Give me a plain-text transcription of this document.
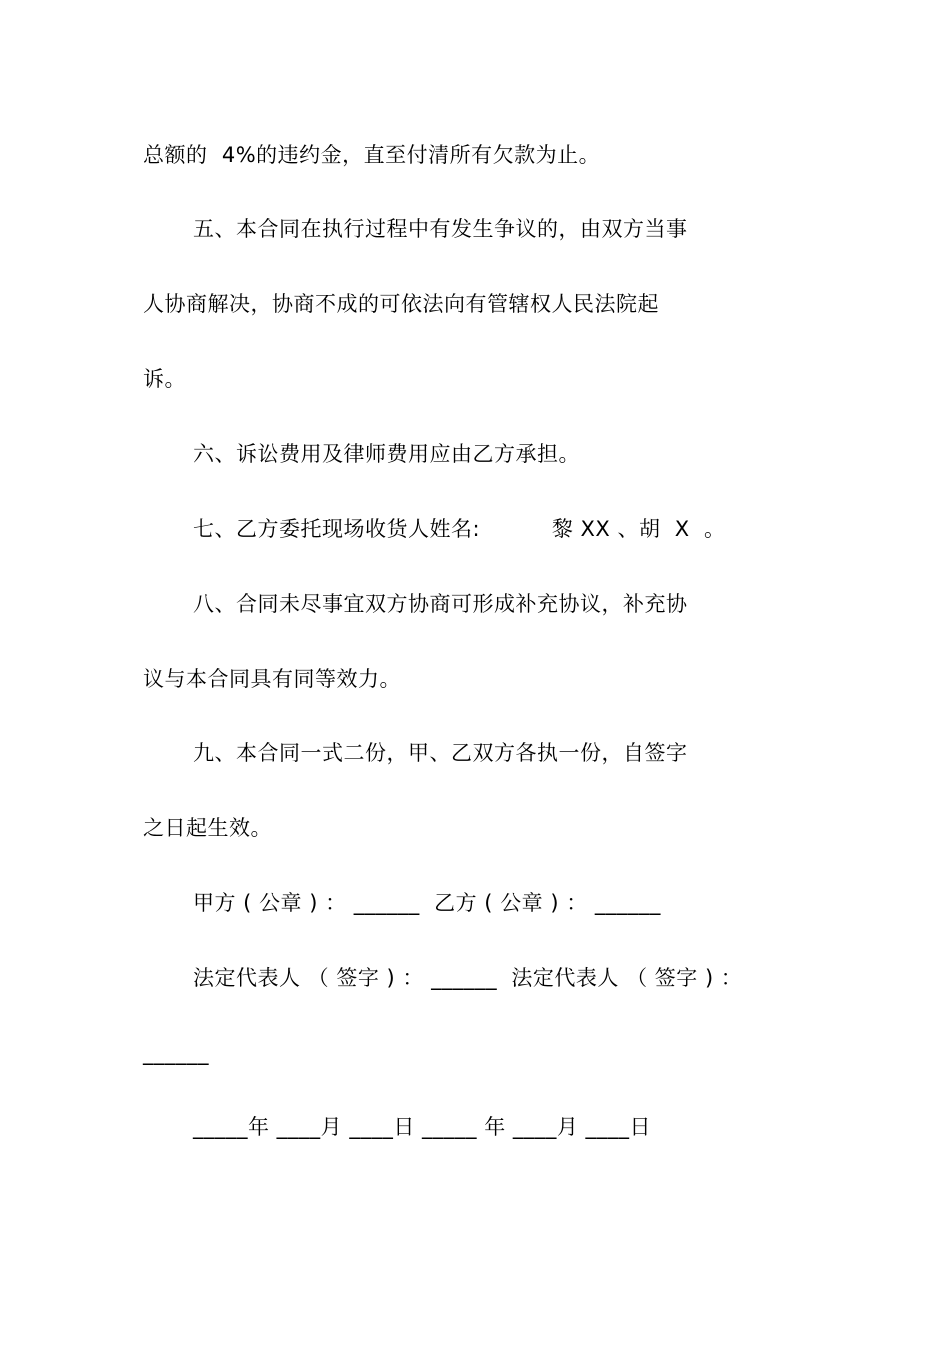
总额的  4%的违约金，直至付清所有欠款为止。
五、本合同在执行过程中有发生争议的，由双方当事
人协商解决，协商不成的可依法向有管辖权人民法院起
诉。
六、诉讼费用及律师费用应由乙方承担。
七、乙方委托现场收货人姓名:          黎 XX 、胡  X  。
八、合同未尽事宜双方协商可形成补充协议，补充协
议与本合同具有同等效力。
九、本合同一式二份，甲、乙双方各执一份，自签字
之日起生效。
甲方 ( 公章 ) ： ______  乙方 ( 公章 ) ： ______
法定代表人 （ 签字 ) ： ______  法定代表人 （ 签字 ) ：
______
_____年 ____月 ____日 _____ 年 ____月 ____日
